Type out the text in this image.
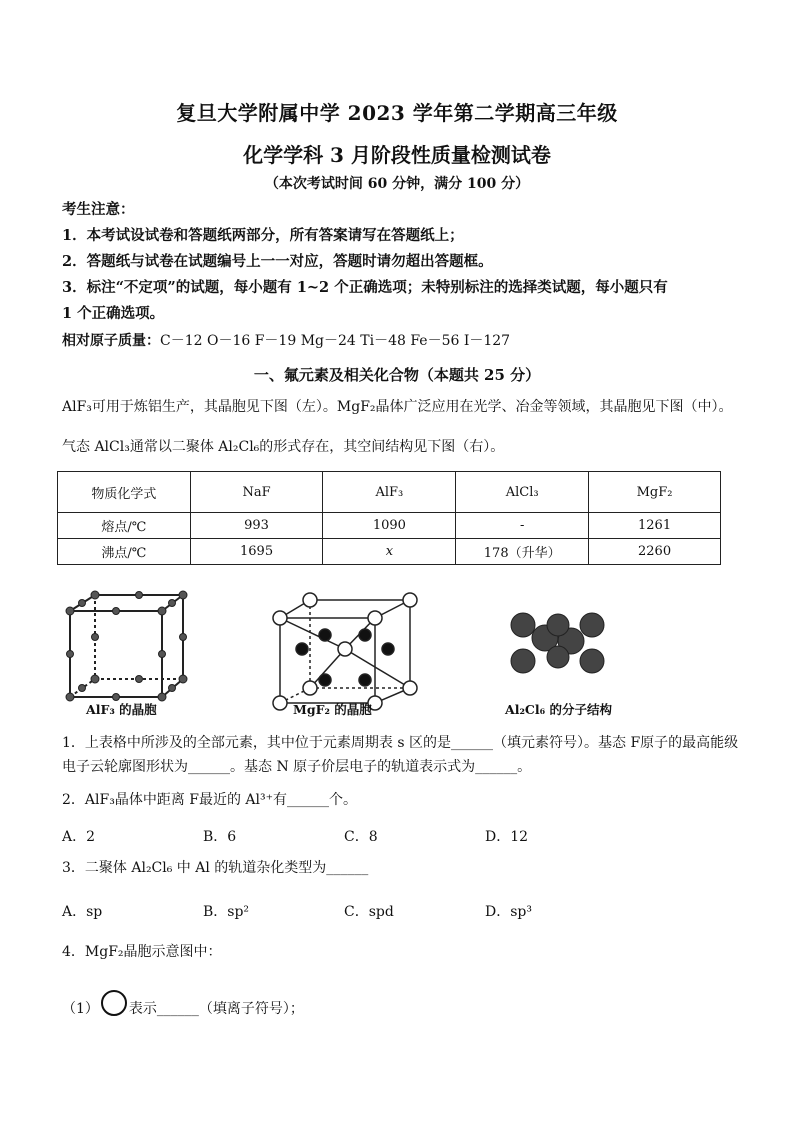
复旦大学附属中学 2023 学年第二学期高三年级
化学学科 3 月阶段性质量检测试卷
（本次考试时间 60 分钟，满分 100 分）
考生注意：
1．本考试设试卷和答题纸两部分，所有答案请写在答题纸上；
2．答题纸与试卷在试题编号上一一对应，答题时请勿超出答题框。
3．标注“不定项”的试题，每小题有 1~2 个正确选项；未特别标注的选择类试题，每小题只有
1 个正确选项。
相对原子质量：C－12 O－16 F－19 Mg－24 Ti－48 Fe－56 I－127
一、氟元素及相关化合物（本题共 25 分）
AlF₃可用于炼铝生产，其晶胞见下图（左）。MgF₂晶体广泛应用在光学、冶金等领域，其晶胞见下图（中）。
气态 AlCl₃通常以二聚体 Al₂Cl₆的形式存在，其空间结构见下图（右）。
物质化学式	NaF	AlF₃	AlCl₃	MgF₂
熔点/℃	993	1090	-	1261
沸点/℃	1695	x	178（升华）	2260
AlF₃ 的晶胞	MgF₂ 的晶胞	Al₂Cl₆ 的分子结构
1．上表格中所涉及的全部元素，其中位于元素周期表 s 区的是______（填元素符号）。基态 F原子的最高能级
电子云轮廓图形状为______。基态 N 原子价层电子的轨道表示式为______。
2．AlF₃晶体中距离 F最近的 Al³⁺有______个。
A．2	B．6	C．8	D．12
3．二聚体 Al₂Cl₆ 中 Al 的轨道杂化类型为______
A．sp	B．sp²	C．spd	D．sp³
4．MgF₂晶胞示意图中：
（1） 表示______（填离子符号）；
